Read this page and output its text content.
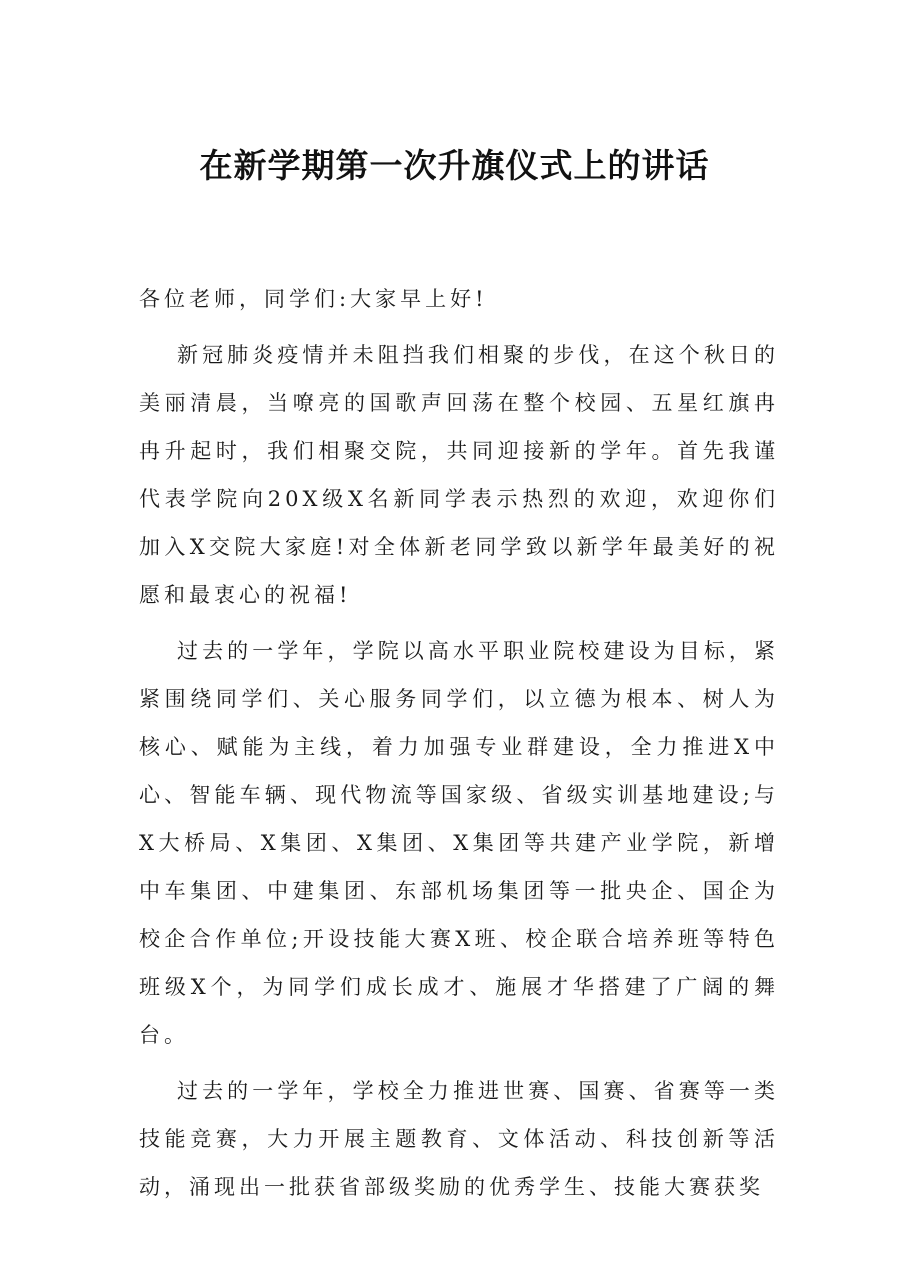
在新学期第一次升旗仪式上的讲话

各位老师，同学们:大家早上好!

新冠肺炎疫情并未阻挡我们相聚的步伐，在这个秋日的美丽清晨，当嘹亮的国歌声回荡在整个校园、五星红旗冉冉升起时，我们相聚交院，共同迎接新的学年。首先我谨代表学院向20X级X名新同学表示热烈的欢迎，欢迎你们加入X交院大家庭!对全体新老同学致以新学年最美好的祝愿和最衷心的祝福!

过去的一学年，学院以高水平职业院校建设为目标，紧紧围绕同学们、关心服务同学们，以立德为根本、树人为核心、赋能为主线，着力加强专业群建设，全力推进X中心、智能车辆、现代物流等国家级、省级实训基地建设;与X大桥局、X集团、X集团、X集团等共建产业学院，新增中车集团、中建集团、东部机场集团等一批央企、国企为校企合作单位;开设技能大赛X班、校企联合培养班等特色班级X个，为同学们成长成才、施展才华搭建了广阔的舞台。

过去的一学年，学校全力推进世赛、国赛、省赛等一类技能竞赛，大力开展主题教育、文体活动、科技创新等活动，涌现出一批获省部级奖励的优秀学生、技能大赛获奖
